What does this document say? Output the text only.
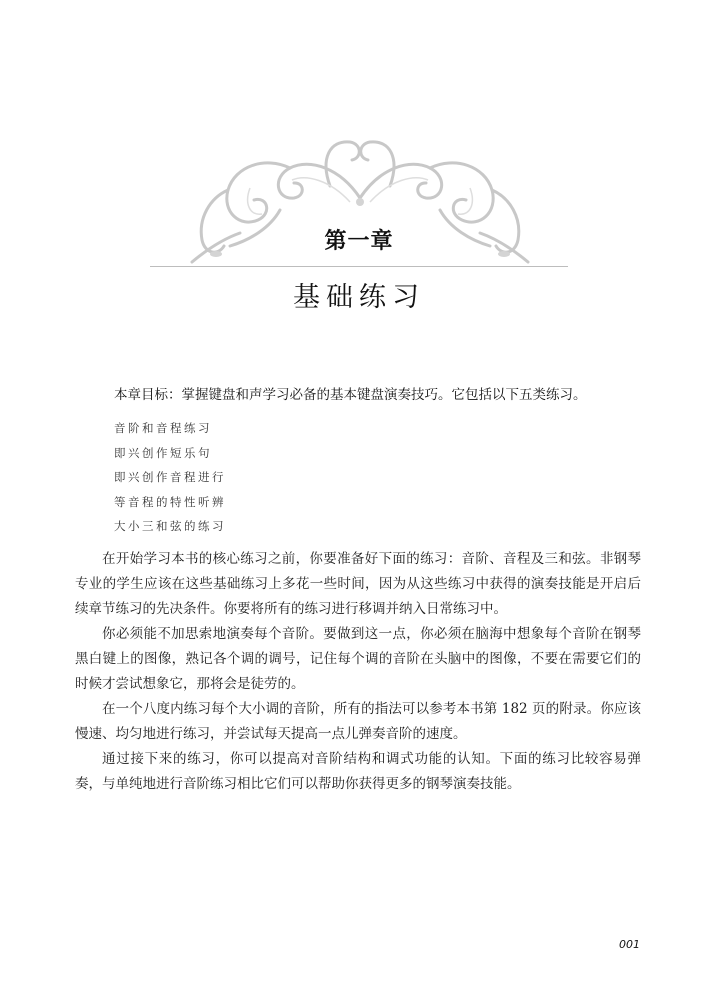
第一章
基础练习
本章目标：掌握键盘和声学习必备的基本键盘演奏技巧。它包括以下五类练习。
音阶和音程练习
即兴创作短乐句
即兴创作音程进行
等音程的特性听辨
大小三和弦的练习

在开始学习本书的核心练习之前，你要准备好下面的练习：音阶、音程及三和弦。非钢琴专业的学生应该在这些基础练习上多花一些时间，因为从这些练习中获得的演奏技能是开启后续章节练习的先决条件。你要将所有的练习进行移调并纳入日常练习中。

你必须能不加思索地演奏每个音阶。要做到这一点，你必须在脑海中想象每个音阶在钢琴黑白键上的图像，熟记各个调的调号，记住每个调的音阶在头脑中的图像，不要在需要它们的时候才尝试想象它，那将会是徒劳的。

在一个八度内练习每个大小调的音阶，所有的指法可以参考本书第 182 页的附录。你应该慢速、均匀地进行练习，并尝试每天提高一点儿弹奏音阶的速度。

通过接下来的练习，你可以提高对音阶结构和调式功能的认知。下面的练习比较容易弹奏，与单纯地进行音阶练习相比它们可以帮助你获得更多的钢琴演奏技能。

001
